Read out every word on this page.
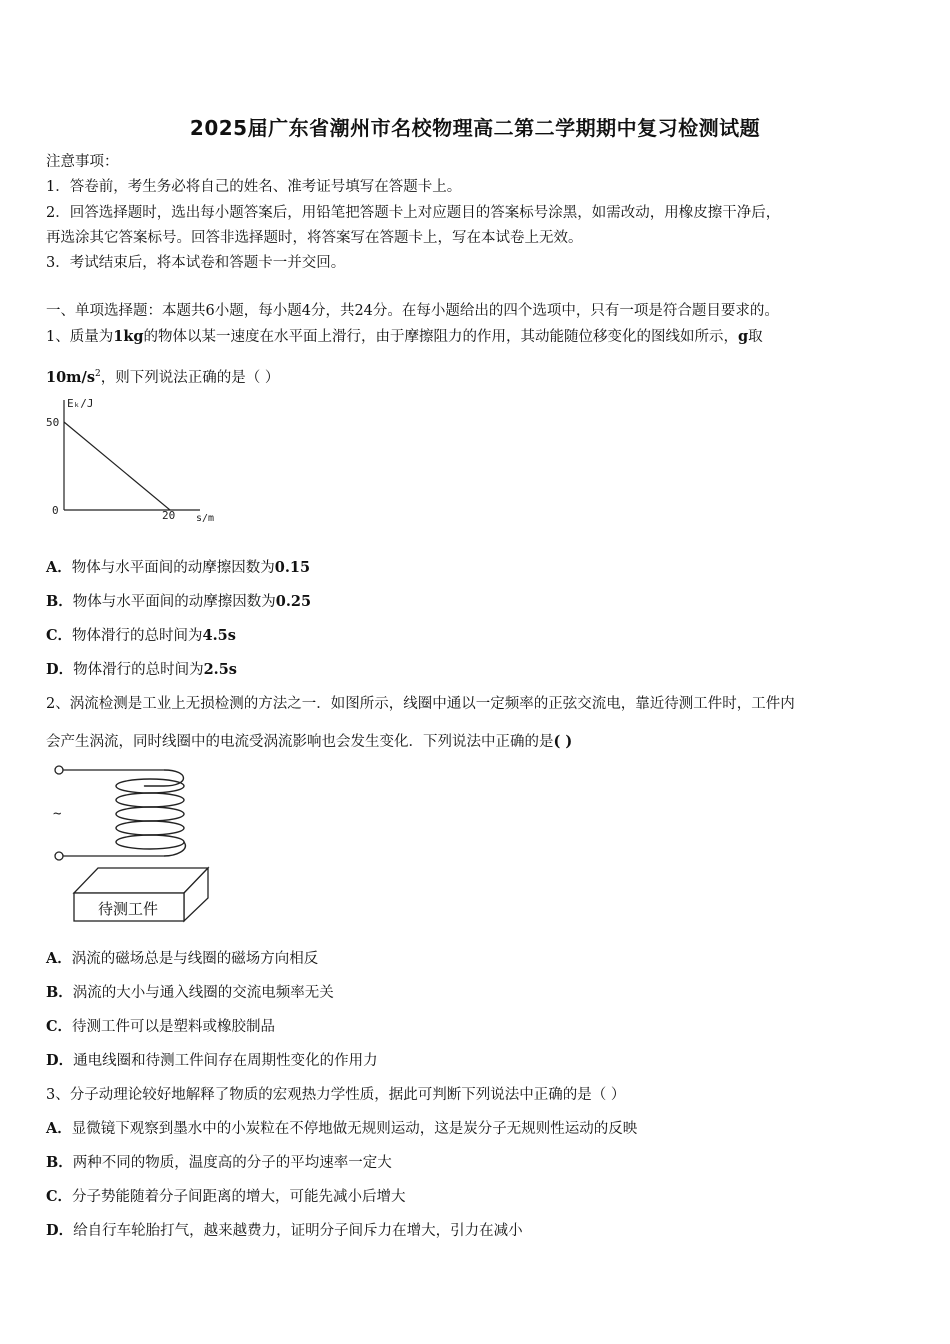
2025届广东省潮州市名校物理高二第二学期期中复习检测试题
注意事项：
1．答卷前，考生务必将自己的姓名、准考证号填写在答题卡上。
2．回答选择题时，选出每小题答案后，用铅笔把答题卡上对应题目的答案标号涂黑，如需改动，用橡皮擦干净后，
再选涂其它答案标号。回答非选择题时，将答案写在答题卡上，写在本试卷上无效。
3．考试结束后，将本试卷和答题卡一并交回。
一、单项选择题：本题共6小题，每小题4分，共24分。在每小题给出的四个选项中，只有一项是符合题目要求的。
1、质量为1kg的物体以某一速度在水平面上滑行，由于摩擦阻力的作用，其动能随位移变化的图线如所示，g取
$10m/s^2$，则下列说法正确的是（ ）
Eₖ/J
50
0	20 s/m
A．物体与水平面间的动摩擦因数为0.15
B．物体与水平面间的动摩擦因数为0.25
C．物体滑行的总时间为4.5s
D．物体滑行的总时间为2.5s
2、涡流检测是工业上无损检测的方法之一．如图所示，线圈中通以一定频率的正弦交流电，靠近待测工件时，工件内
会产生涡流，同时线圈中的电流受涡流影响也会发生变化．下列说法中正确的是( )
~
待测工件
A．涡流的磁场总是与线圈的磁场方向相反
B．涡流的大小与通入线圈的交流电频率无关
C．待测工件可以是塑料或橡胶制品
D．通电线圈和待测工件间存在周期性变化的作用力
3、分子动理论较好地解释了物质的宏观热力学性质，据此可判断下列说法中正确的是（ ）
A．显微镜下观察到墨水中的小炭粒在不停地做无规则运动，这是炭分子无规则性运动的反映
B．两种不同的物质，温度高的分子的平均速率一定大
C．分子势能随着分子间距离的增大，可能先减小后增大
D．给自行车轮胎打气，越来越费力，证明分子间斥力在增大，引力在减小
